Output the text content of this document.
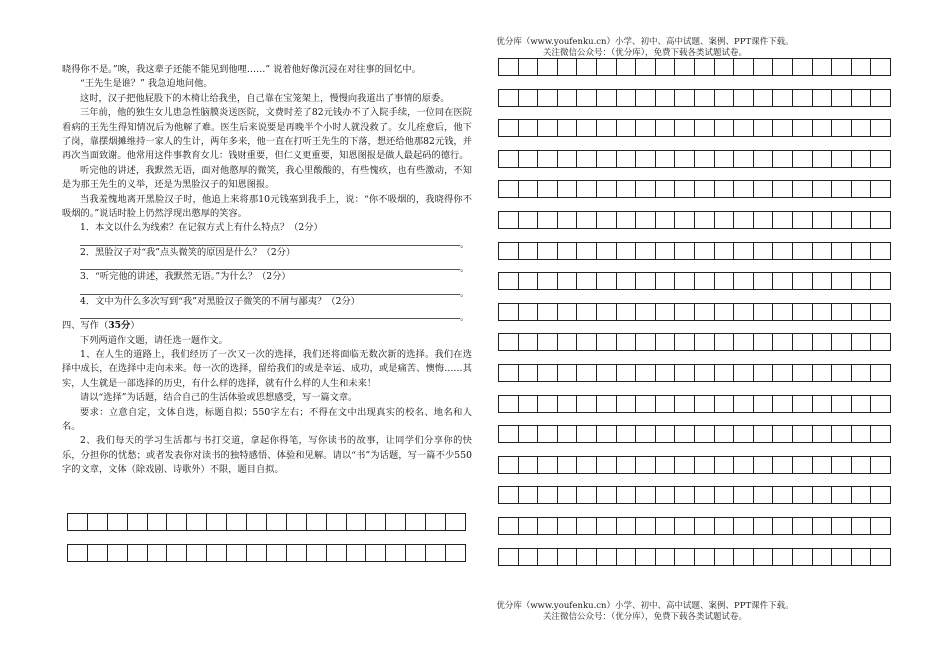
优分库（www.youfenku.cn）小学、初中、高中试题、案例、PPT课件下载。
关注微信公众号：（优分库），免费下载各类试题试卷。

晓得你不是。”唉，我这辈子还能不能见到他哩……” 说着他好像沉浸在对往事的回忆中。

“王先生是谁？” 我急迫地问他。

这时，汉子把他屁股下的木椅让给我坐，自己靠在宝笼架上，慢慢向我道出了事情的原委。

三年前，他的独生女儿患急性脑膜炎送医院，文费时差了82元钱办不了入院手续，一位同在医院看病的王先生得知情况后为他解了难。医生后来说要是再晚半个小时人就没救了。女儿痊愈后，他下了岗，靠摆烟摊维持一家人的生计，两年多来，他一直在打听王先生的下落，想还给他那82元钱，并再次当面致谢。他常用这件事教育女儿：钱财重要，但仁义更重要，知恩图报是做人最起码的德行。

听完他的讲述，我默然无语，面对他憨厚的微笑，我心里酸酸的，有些愧疚，也有些激动，不知是为那王先生的义举，还是为黑脸汉子的知恩图报。

当我羞愧地离开黑脸汉子时，他追上来将那10元钱塞到我手上，说：“你不吸烟的，我晓得你不吸烟的。”说话时脸上仍然浮现出憨厚的笑容。

1．本文以什么为线索？在记叙方式上有什么特点？（2分）

。

2．黑脸汉子对“我”点头微笑的原因是什么？（2分）

。

3．“听完他的讲述，我默然无语。”为什么？（2分）

。

4．文中为什么多次写到“我”对黑脸汉子微笑的不屑与鄙夷？（2分）

。

四、写作（35分）

下列两道作文题，请任选一题作文。

1、在人生的道路上，我们经历了一次又一次的选择，我们还将面临无数次新的选择。我们在选择中成长，在选择中走向未来。每一次的选择，留给我们的或是幸运、成功，或是痛苦、懊悔……其实，人生就是一部选择的历史，有什么样的选择，就有什么样的人生和未来！

请以“选择”为话题，结合自己的生活体验或思想感受，写一篇文章。

要求：立意自定，文体自选，标题自拟；550字左右；不得在文中出现真实的校名、地名和人名。

2、我们每天的学习生活都与书打交道，拿起你得笔，写你读书的故事，让同学们分享你的快乐，分担你的忧愁；或者发表你对读书的独特感悟、体验和见解。请以“书”为话题，写一篇不少550字的文章，文体（除戏剧、诗歌外）不限，题目自拟。

优分库（www.youfenku.cn）小学、初中、高中试题、案例、PPT课件下载。
关注微信公众号：（优分库），免费下载各类试题试卷。
